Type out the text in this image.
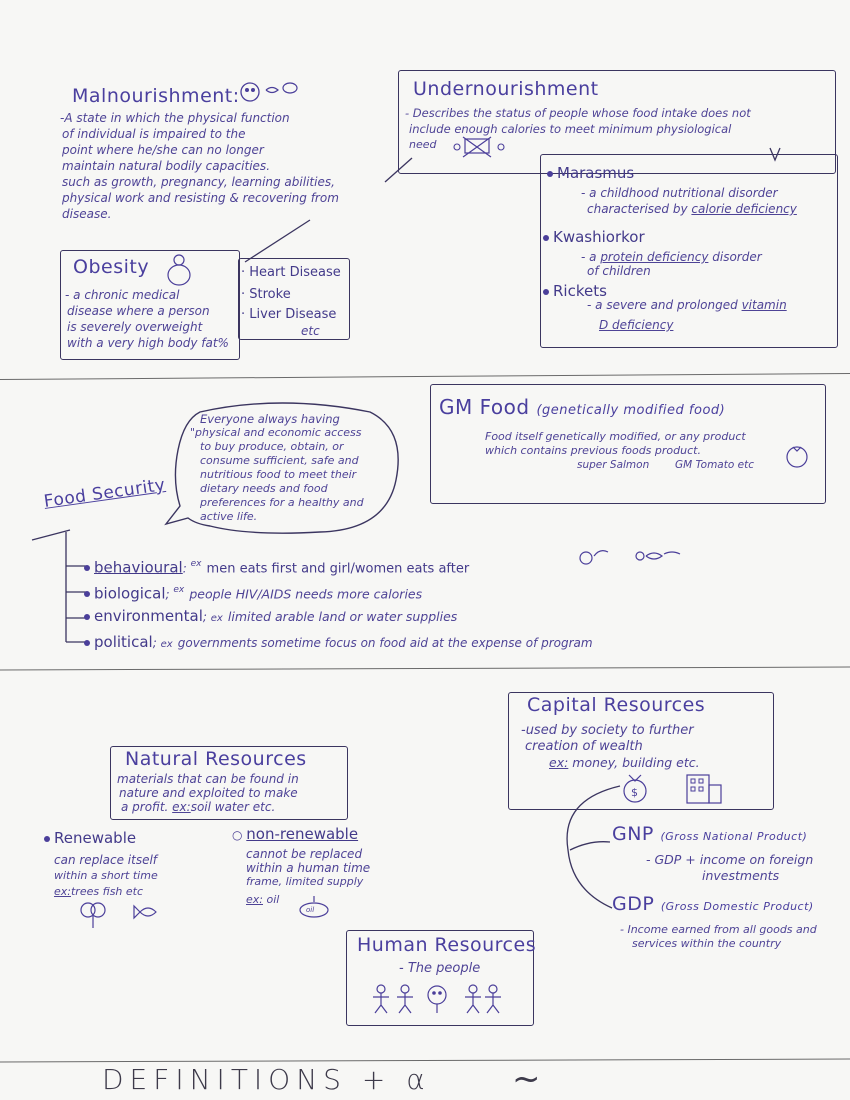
Malnourishment:
-A state in which the physical function
of individual is impaired to the
point where he/she can no longer
maintain natural bodily capacities.
such as growth, pregnancy, learning abilities,
physical work and resisting & recovering from
disease.
Undernourishment
- Describes the status of people whose food intake does not
include enough calories to meet minimum physiological
need
Marasmus
- a childhood nutritional disorder
characterised by calorie deficiency
Kwashiorkor
- a protein deficiency disorder
of children
Rickets
- a severe and prolonged vitamin
D deficiency
Obesity
- a chronic medical
disease where a person
is severely overweight
with a very high body fat%
· Heart Disease
· Stroke
· Liver Disease
etc
Everyone always having
"physical and economic access
to buy produce, obtain, or
consume sufficient, safe and
nutritious food to meet their
dietary needs and food
preferences for a healthy and
active life.
Food Security
behavioural: $^{ex}$ men eats first and girl/women eats after
biological; $^{ex}$ people HIV/AIDS needs more calories
environmental; ex limited arable land or water supplies
political; ex governments sometime focus on food aid at the expense of program
GM Food (genetically modified food)
Food itself genetically modified, or any product
which contains previous foods product.
super Salmon GM Tomato etc
Capital Resources
-used by society to further
creation of wealth
ex: money, building etc.
$
GNP (Gross National Product)
- GDP + income on foreign
investments
GDP (Gross Domestic Product)
- Income earned from all goods and
services within the country
Natural Resources
materials that can be found in
nature and exploited to make
a profit. ex:soil water etc.
Renewable
can replace itself
within a short time
ex:trees fish etc
○ non-renewable
cannot be replaced
within a human time
frame, limited supply
ex: oil
oil
Human Resources
- The people
DEFINITIONS + α ~
